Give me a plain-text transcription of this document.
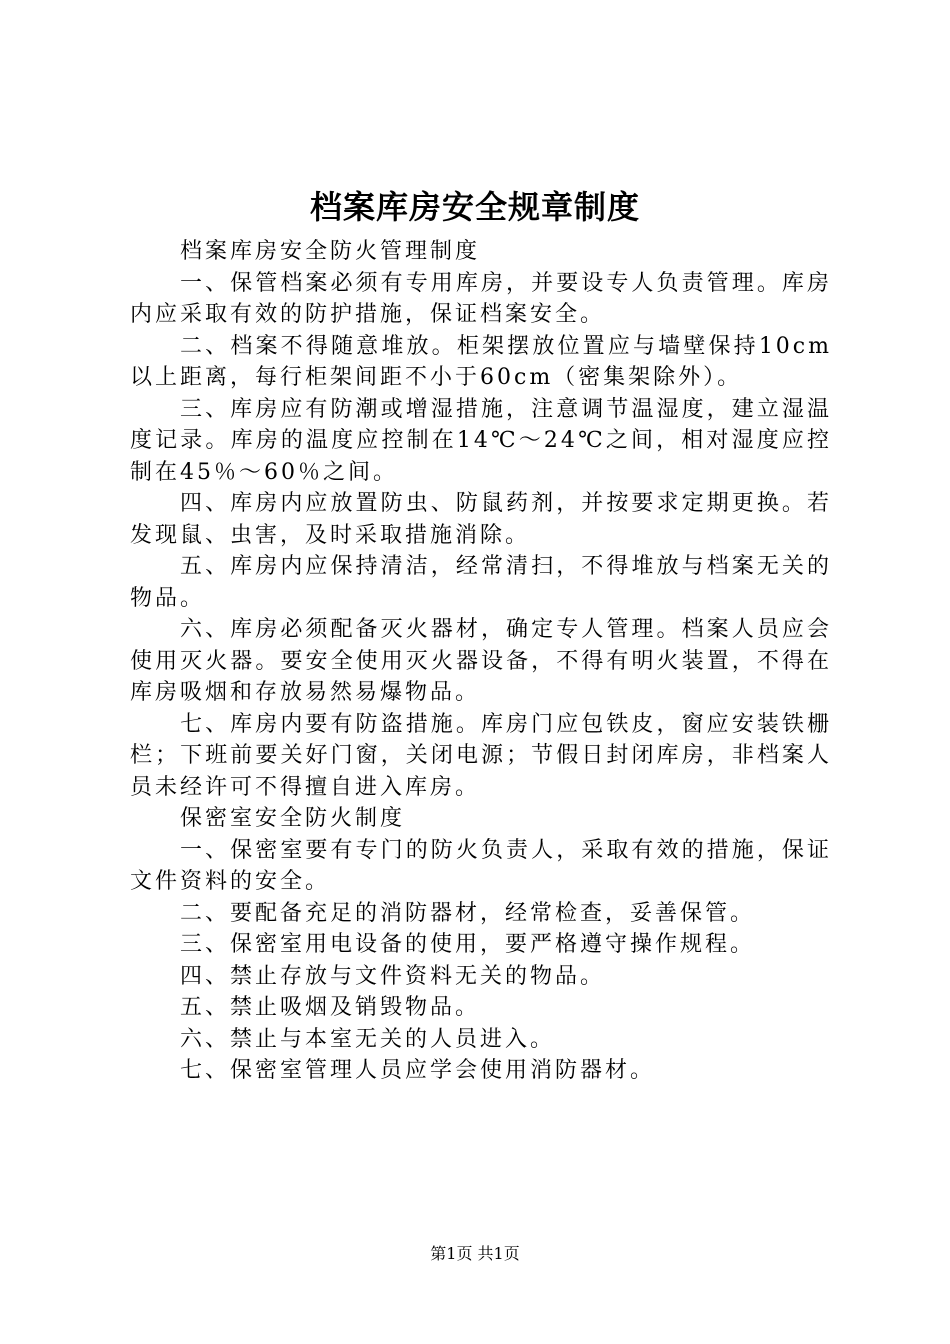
档案库房安全规章制度

档案库房安全防火管理制度

一、保管档案必须有专用库房，并要设专人负责管理。库房内应采取有效的防护措施，保证档案安全。

二、档案不得随意堆放。柜架摆放位置应与墙壁保持10cm以上距离，每行柜架间距不小于60cm（密集架除外）。

三、库房应有防潮或增湿措施，注意调节温湿度，建立湿温度记录。库房的温度应控制在14℃～24℃之间，相对湿度应控制在45％～60％之间。

四、库房内应放置防虫、防鼠药剂，并按要求定期更换。若发现鼠、虫害，及时采取措施消除。

五、库房内应保持清洁，经常清扫，不得堆放与档案无关的物品。

六、库房必须配备灭火器材，确定专人管理。档案人员应会使用灭火器。要安全使用灭火器设备，不得有明火装置，不得在库房吸烟和存放易然易爆物品。

七、库房内要有防盗措施。库房门应包铁皮，窗应安装铁栅栏；下班前要关好门窗，关闭电源；节假日封闭库房，非档案人员未经许可不得擅自进入库房。

保密室安全防火制度

一、保密室要有专门的防火负责人，采取有效的措施，保证文件资料的安全。

二、要配备充足的消防器材，经常检查，妥善保管。

三、保密室用电设备的使用，要严格遵守操作规程。

四、禁止存放与文件资料无关的物品。

五、禁止吸烟及销毁物品。

六、禁止与本室无关的人员进入。

七、保密室管理人员应学会使用消防器材。

第1页 共1页
